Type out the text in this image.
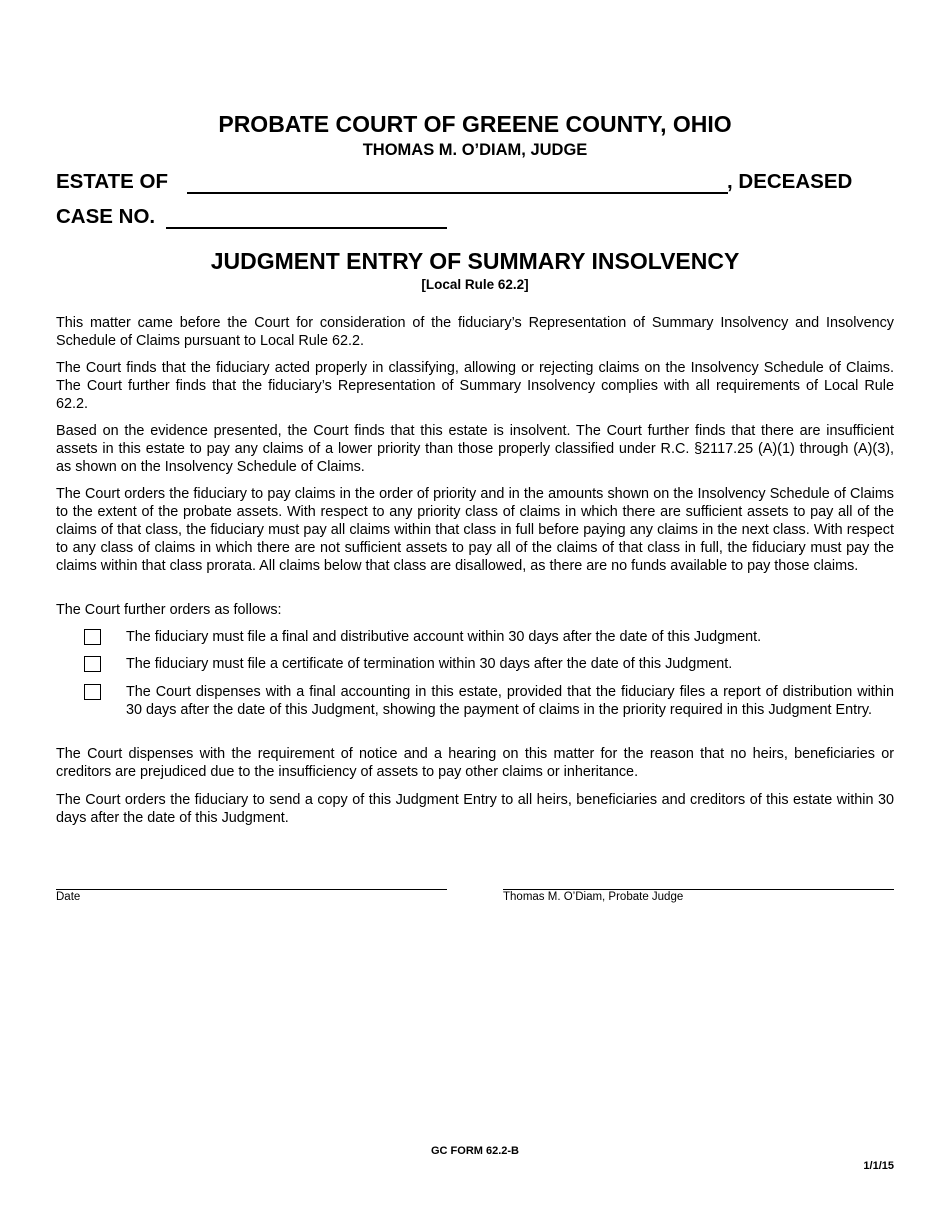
PROBATE COURT OF GREENE COUNTY, OHIO
THOMAS M. O’DIAM, JUDGE
ESTATE OF	, DECEASED
CASE NO.
JUDGMENT ENTRY OF SUMMARY INSOLVENCY
[Local Rule 62.2]

This matter came before the Court for consideration of the fiduciary’s Representation of Summary Insolvency and Insolvency Schedule of Claims pursuant to Local Rule 62.2.

The Court finds that the fiduciary acted properly in classifying, allowing or rejecting claims on the Insolvency Schedule of Claims. The Court further finds that the fiduciary’s Representation of Summary Insolvency complies with all requirements of Local Rule 62.2.

Based on the evidence presented, the Court finds that this estate is insolvent. The Court further finds that there are insufficient assets in this estate to pay any claims of a lower priority than those properly classified under R.C. §2117.25 (A)(1) through (A)(3), as shown on the Insolvency Schedule of Claims.

The Court orders the fiduciary to pay claims in the order of priority and in the amounts shown on the Insolvency Schedule of Claims to the extent of the probate assets. With respect to any priority class of claims in which there are sufficient assets to pay all of the claims of that class, the fiduciary must pay all claims within that class in full before paying any claims in the next class. With respect to any class of claims in which there are not sufficient assets to pay all of the claims of that class in full, the fiduciary must pay the claims within that class prorata. All claims below that class are disallowed, as there are no funds available to pay those claims.

The Court further orders as follows:

The fiduciary must file a final and distributive account within 30 days after the date of this Judgment.
The fiduciary must file a certificate of termination within 30 days after the date of this Judgment.
The Court dispenses with a final accounting in this estate, provided that the fiduciary files a report of distribution within 30 days after the date of this Judgment, showing the payment of claims in the priority required in this Judgment Entry.

The Court dispenses with the requirement of notice and a hearing on this matter for the reason that no heirs, beneficiaries or creditors are prejudiced due to the insufficiency of assets to pay other claims or inheritance.

The Court orders the fiduciary to send a copy of this Judgment Entry to all heirs, beneficiaries and creditors of this estate within 30 days after the date of this Judgment.

Date	Thomas M. O’Diam, Probate Judge
GC FORM 62.2-B
1/1/15
